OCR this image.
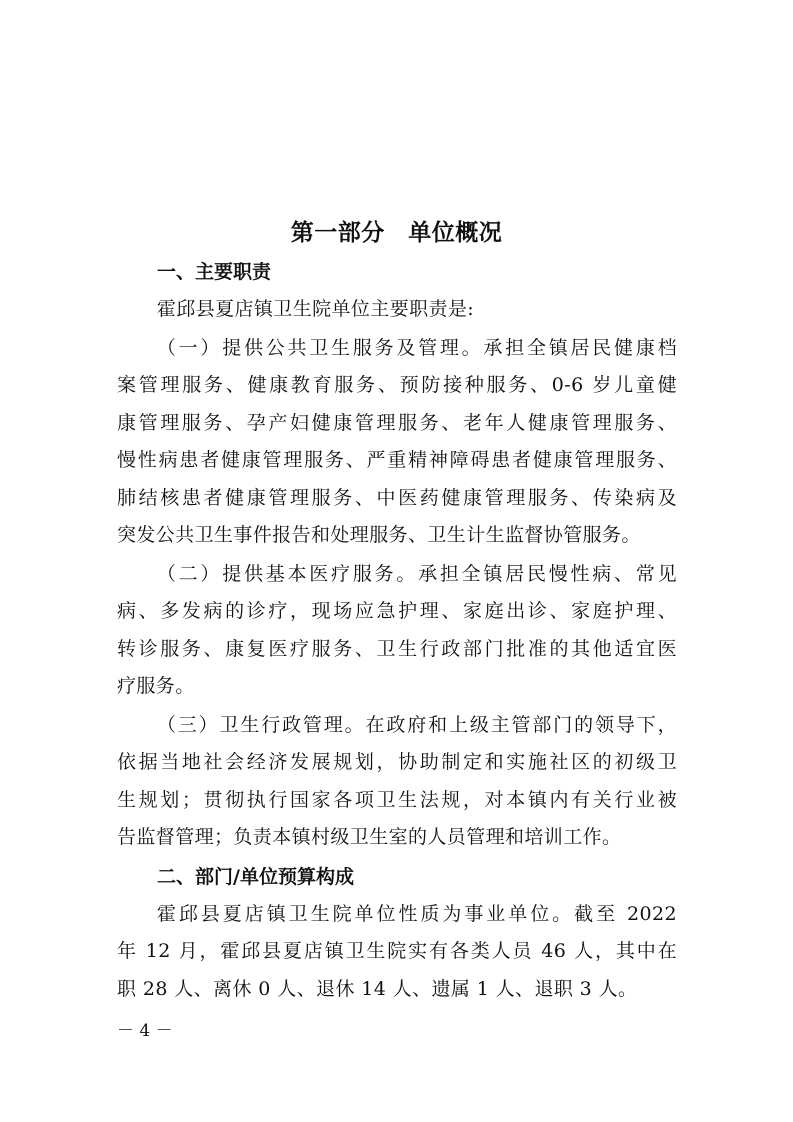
第一部分　单位概况
一、主要职责
霍邱县夏店镇卫生院单位主要职责是:
（一）提供公共卫生服务及管理。承担全镇居民健康档
案管理服务、健康教育服务、预防接种服务、0-6 岁儿童健
康管理服务、孕产妇健康管理服务、老年人健康管理服务、
慢性病患者健康管理服务、严重精神障碍患者健康管理服务、
肺结核患者健康管理服务、中医药健康管理服务、传染病及
突发公共卫生事件报告和处理服务、卫生计生监督协管服务。
（二）提供基本医疗服务。承担全镇居民慢性病、常见
病、多发病的诊疗，现场应急护理、家庭出诊、家庭护理、
转诊服务、康复医疗服务、卫生行政部门批准的其他适宜医
疗服务。
（三）卫生行政管理。在政府和上级主管部门的领导下，
依据当地社会经济发展规划，协助制定和实施社区的初级卫
生规划；贯彻执行国家各项卫生法规，对本镇内有关行业被
告监督管理；负责本镇村级卫生室的人员管理和培训工作。
二、部门/单位预算构成
霍邱县夏店镇卫生院单位性质为事业单位。截至 2022
年 12 月，霍邱县夏店镇卫生院实有各类人员 46 人，其中在
职 28 人、离休 0 人、退休 14 人、遗属 1 人、退职 3 人。
－ 4 －
